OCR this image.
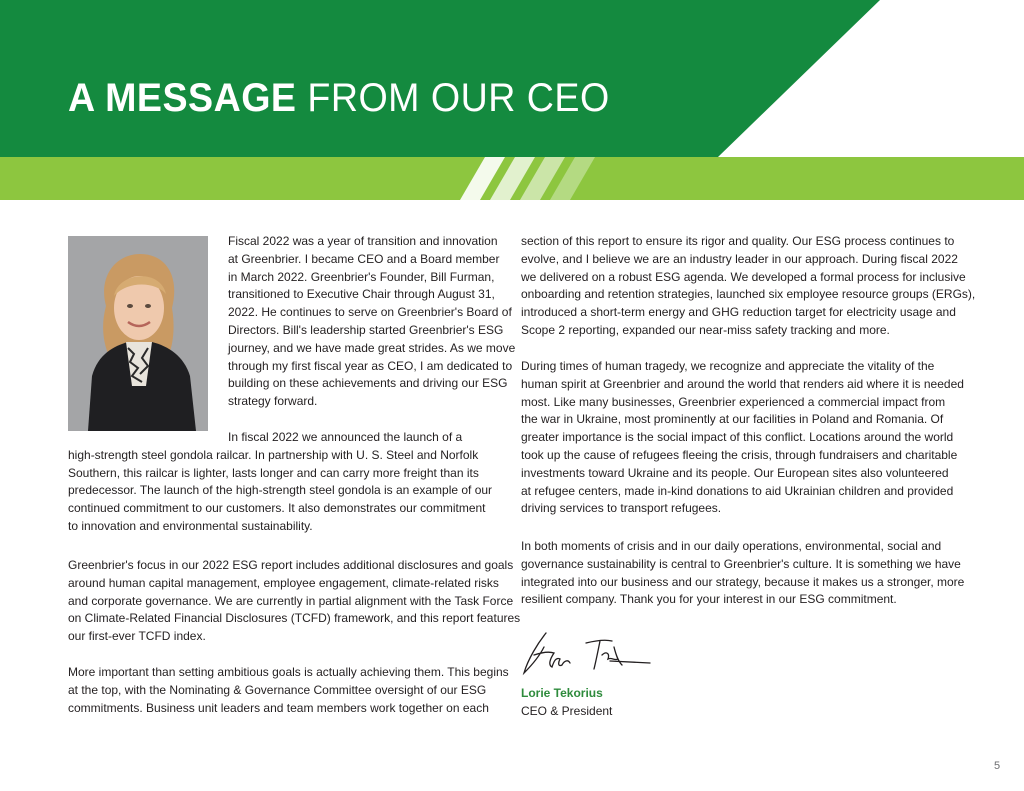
A MESSAGE FROM OUR CEO
Fiscal 2022 was a year of transition and innovation
at Greenbrier. I became CEO and a Board member
in March 2022. Greenbrier's Founder, Bill Furman,
transitioned to Executive Chair through August 31,
2022. He continues to serve on Greenbrier's Board of
Directors. Bill's leadership started Greenbrier's ESG
journey, and we have made great strides. As we move
through my first fiscal year as CEO, I am dedicated to
building on these achievements and driving our ESG
strategy forward.
In fiscal 2022 we announced the launch of a
high-strength steel gondola railcar. In partnership with U. S. Steel and Norfolk
Southern, this railcar is lighter, lasts longer and can carry more freight than its
predecessor. The launch of the high-strength steel gondola is an example of our
continued commitment to our customers. It also demonstrates our commitment
to innovation and environmental sustainability.
Greenbrier's focus in our 2022 ESG report includes additional disclosures and goals
around human capital management, employee engagement, climate-related risks
and corporate governance. We are currently in partial alignment with the Task Force
on Climate-Related Financial Disclosures (TCFD) framework, and this report features
our first-ever TCFD index.
More important than setting ambitious goals is actually achieving them. This begins
at the top, with the Nominating & Governance Committee oversight of our ESG
commitments. Business unit leaders and team members work together on each
section of this report to ensure its rigor and quality. Our ESG process continues to
evolve, and I believe we are an industry leader in our approach. During fiscal 2022
we delivered on a robust ESG agenda. We developed a formal process for inclusive
onboarding and retention strategies, launched six employee resource groups (ERGs),
introduced a short-term energy and GHG reduction target for electricity usage and
Scope 2 reporting, expanded our near-miss safety tracking and more.
During times of human tragedy, we recognize and appreciate the vitality of the
human spirit at Greenbrier and around the world that renders aid where it is needed
most. Like many businesses, Greenbrier experienced a commercial impact from
the war in Ukraine, most prominently at our facilities in Poland and Romania. Of
greater importance is the social impact of this conflict. Locations around the world
took up the cause of refugees fleeing the crisis, through fundraisers and charitable
investments toward Ukraine and its people. Our European sites also volunteered
at refugee centers, made in-kind donations to aid Ukrainian children and provided
driving services to transport refugees.
In both moments of crisis and in our daily operations, environmental, social and
governance sustainability is central to Greenbrier's culture. It is something we have
integrated into our business and our strategy, because it makes us a stronger, more
resilient company. Thank you for your interest in our ESG commitment.

Lorie Tekorius

CEO & President

5
